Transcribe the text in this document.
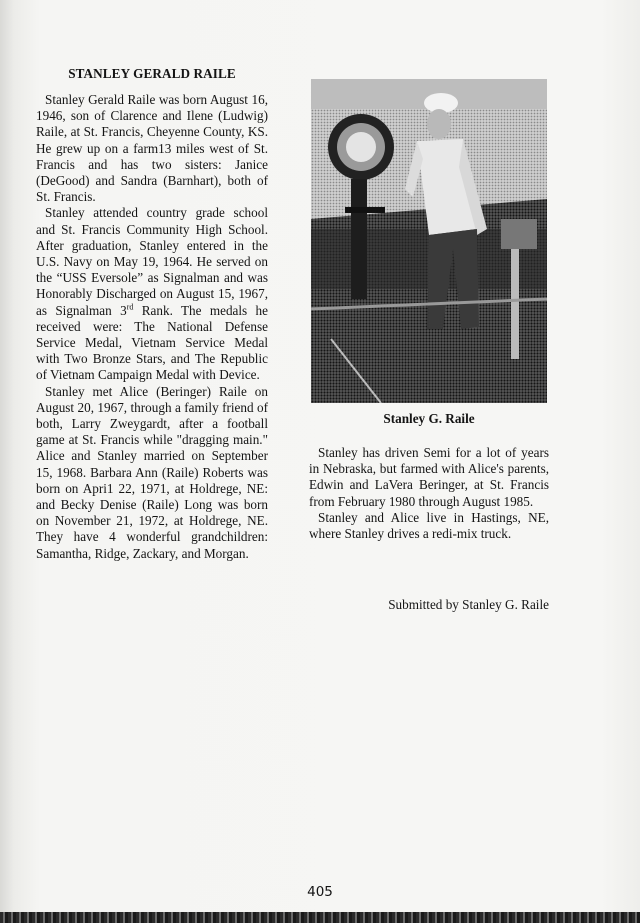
STANLEY GERALD RAILE

Stanley Gerald Raile was born August 16, 1946, son of Clarence and Ilene (Ludwig) Raile, at St. Francis, Cheyenne County, KS. He grew up on a farm13 miles west of St. Francis and has two sisters: Janice (DeGood) and Sandra (Barnhart), both of St. Francis.

Stanley attended country grade school and St. Francis Community High School. After graduation, Stanley entered in the U.S. Navy on May 19, 1964. He served on the “USS Eversole” as Signalman and was Honorably Discharged on August 15, 1967, as Signalman 3rd Rank. The medals he received were: The National Defense Service Medal, Vietnam Service Medal with Two Bronze Stars, and The Republic of Vietnam Campaign Medal with Device.

Stanley met Alice (Beringer) Raile on August 20, 1967, through a family friend of both, Larry Zweygardt, after a football game at St. Francis while "dragging main." Alice and Stanley married on September 15, 1968. Barbara Ann (Raile) Roberts was born on Apri1 22, 1971, at Holdrege, NE: and Becky Denise (Raile) Long was born on November 21, 1972, at Holdrege, NE. They have 4 wonderful grandchildren: Samantha, Ridge, Zackary, and Morgan.

Stanley G. Raile

Stanley has driven Semi for a lot of years in Nebraska, but farmed with Alice's parents, Edwin and LaVera Beringer, at St. Francis from February 1980 through August 1985.

Stanley and Alice live in Hastings, NE, where Stanley drives a redi-mix truck.

Submitted by Stanley G. Raile
405
